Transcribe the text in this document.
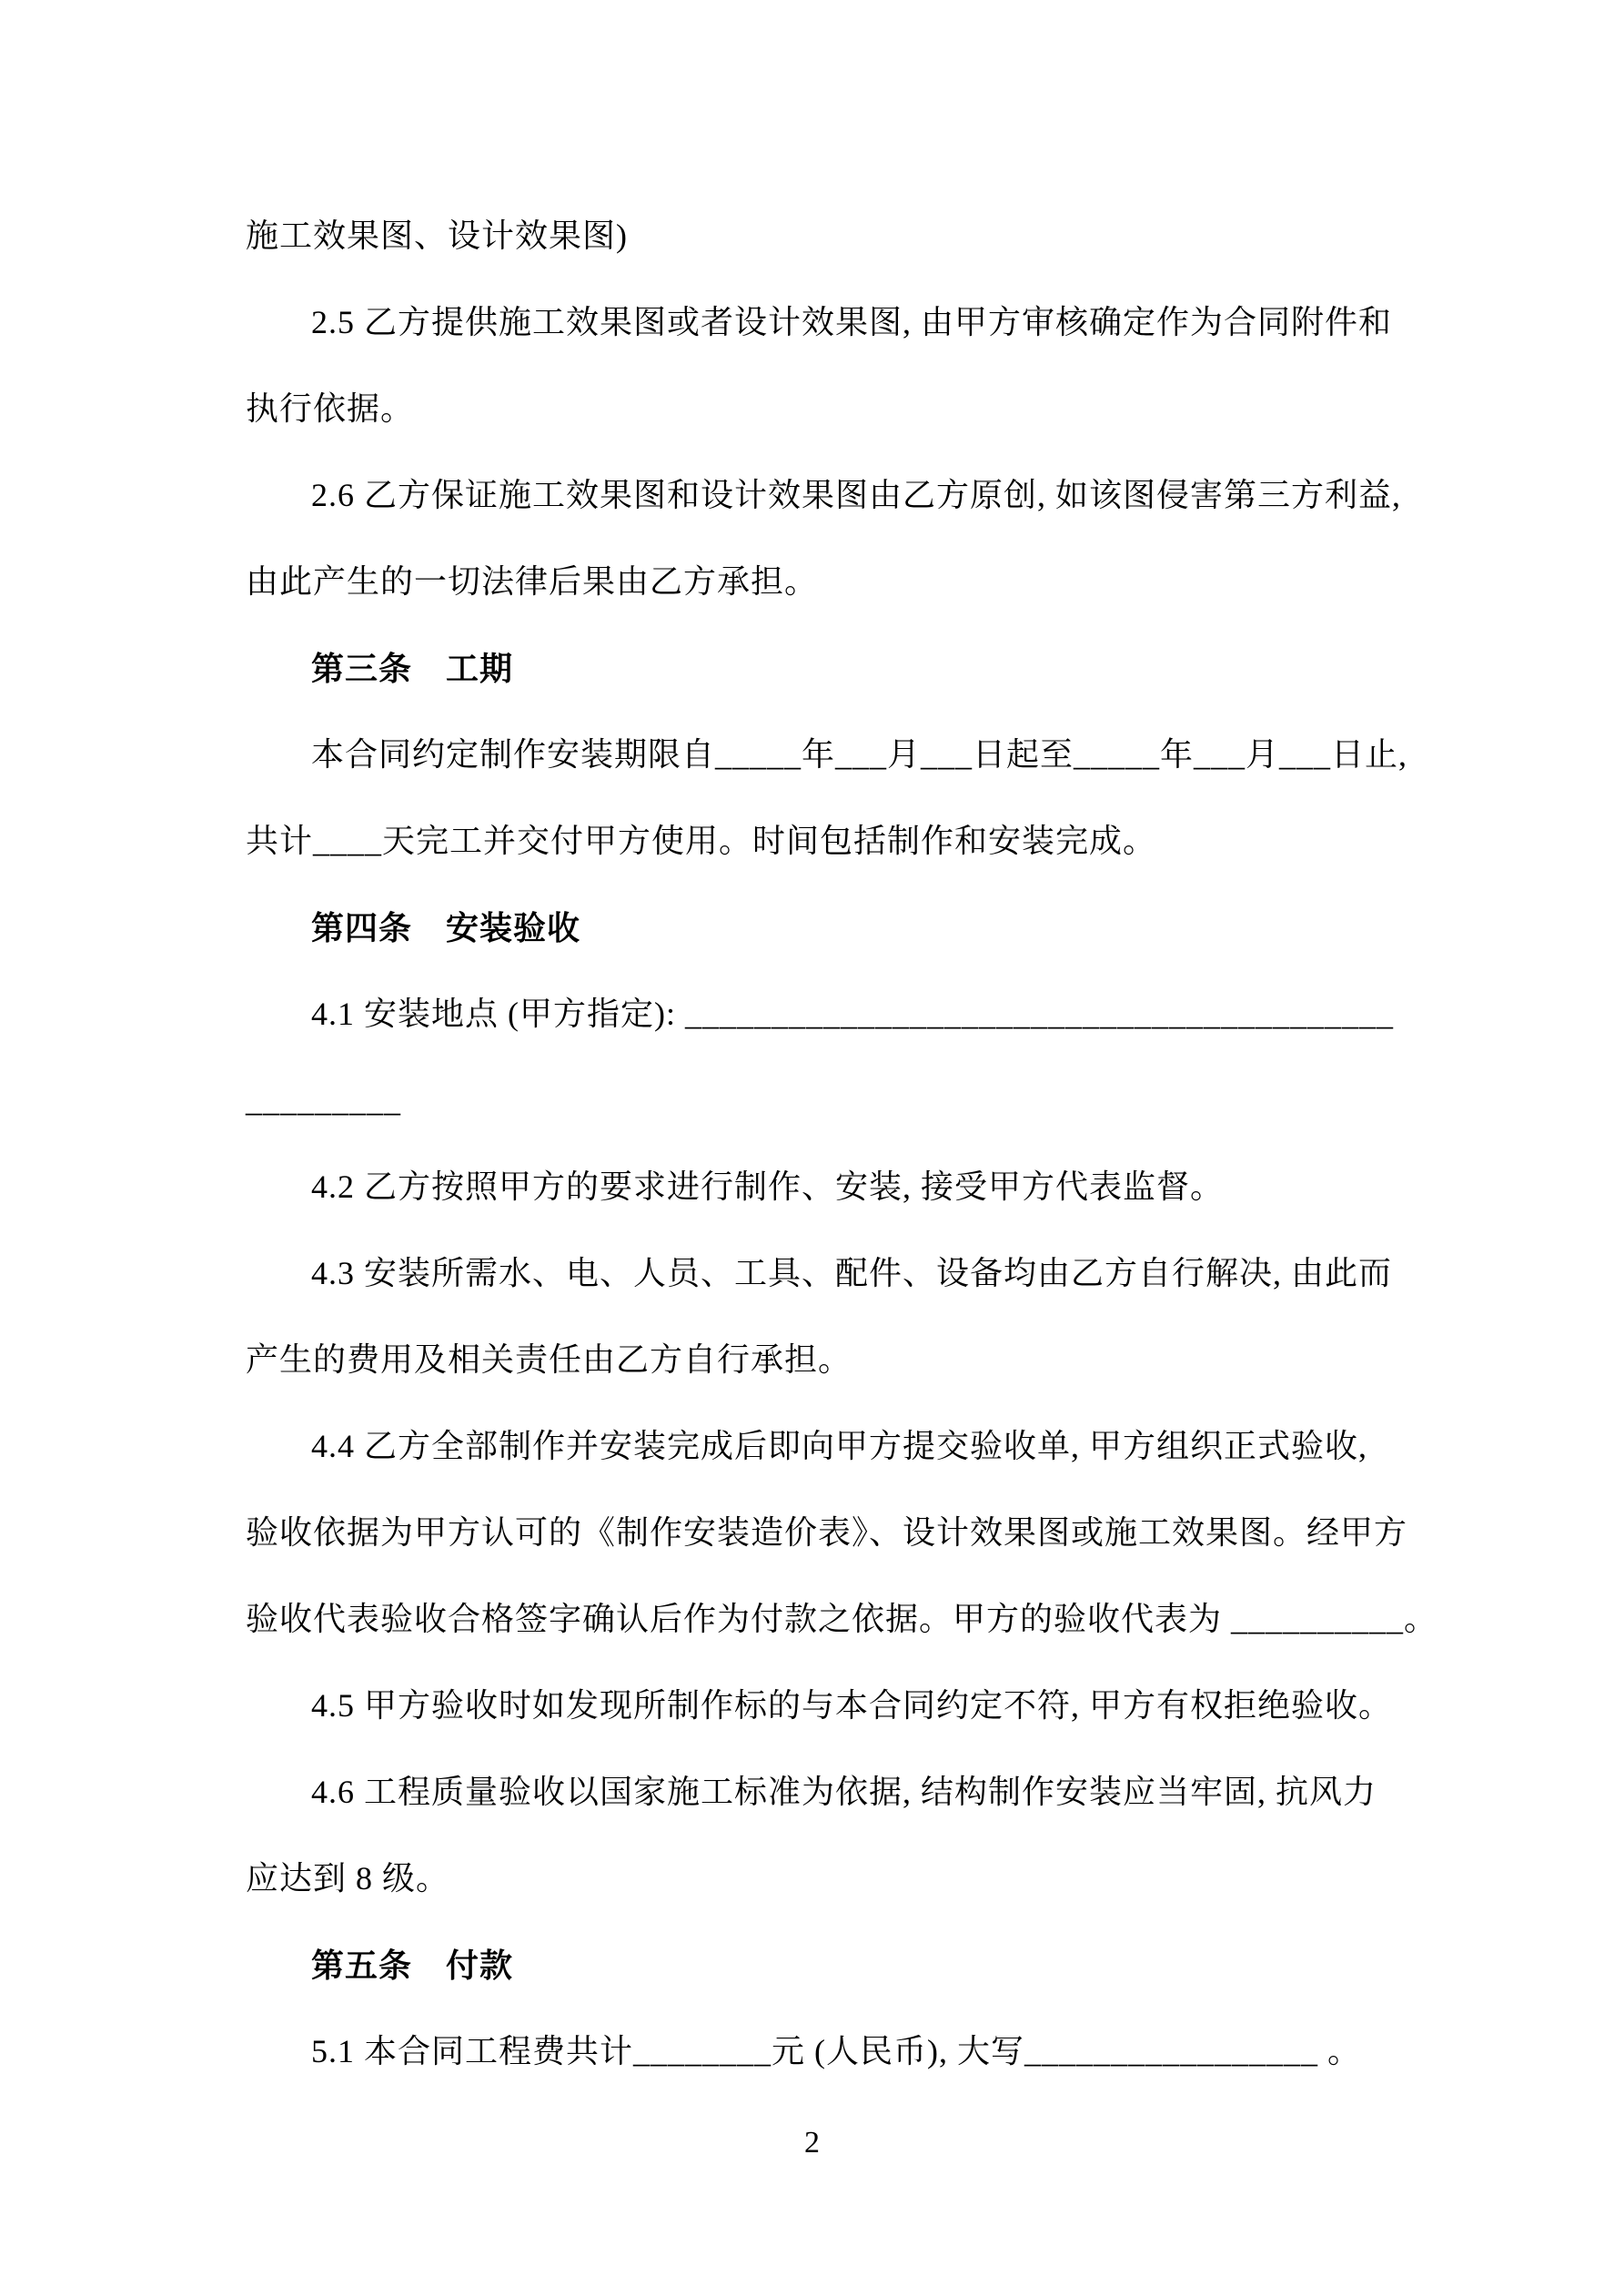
施工效果图、设计效果图)
2.5 乙方提供施工效果图或者设计效果图, 由甲方审核确定作为合同附件和
执行依据。
2.6 乙方保证施工效果图和设计效果图由乙方原创, 如该图侵害第三方利益,
由此产生的一切法律后果由乙方承担。
第三条　工期
本合同约定制作安装期限自_____年___月___日起至_____年___月___日止,
共计____天完工并交付甲方使用。时间包括制作和安装完成。
第四条　安装验收
4.1 安装地点 (甲方指定): _________________________________________
_________
4.2 乙方按照甲方的要求进行制作、安装, 接受甲方代表监督。
4.3 安装所需水、电、人员、工具、配件、设备均由乙方自行解决, 由此而
产生的费用及相关责任由乙方自行承担。
4.4 乙方全部制作并安装完成后即向甲方提交验收单, 甲方组织正式验收,
验收依据为甲方认可的《制作安装造价表》、设计效果图或施工效果图。经甲方
验收代表验收合格签字确认后作为付款之依据。甲方的验收代表为 __________。
4.5 甲方验收时如发现所制作标的与本合同约定不符, 甲方有权拒绝验收。
4.6 工程质量验收以国家施工标准为依据, 结构制作安装应当牢固, 抗风力
应达到 8 级。
第五条　付款
5.1 本合同工程费共计________元 (人民币), 大写_________________ 。
2
